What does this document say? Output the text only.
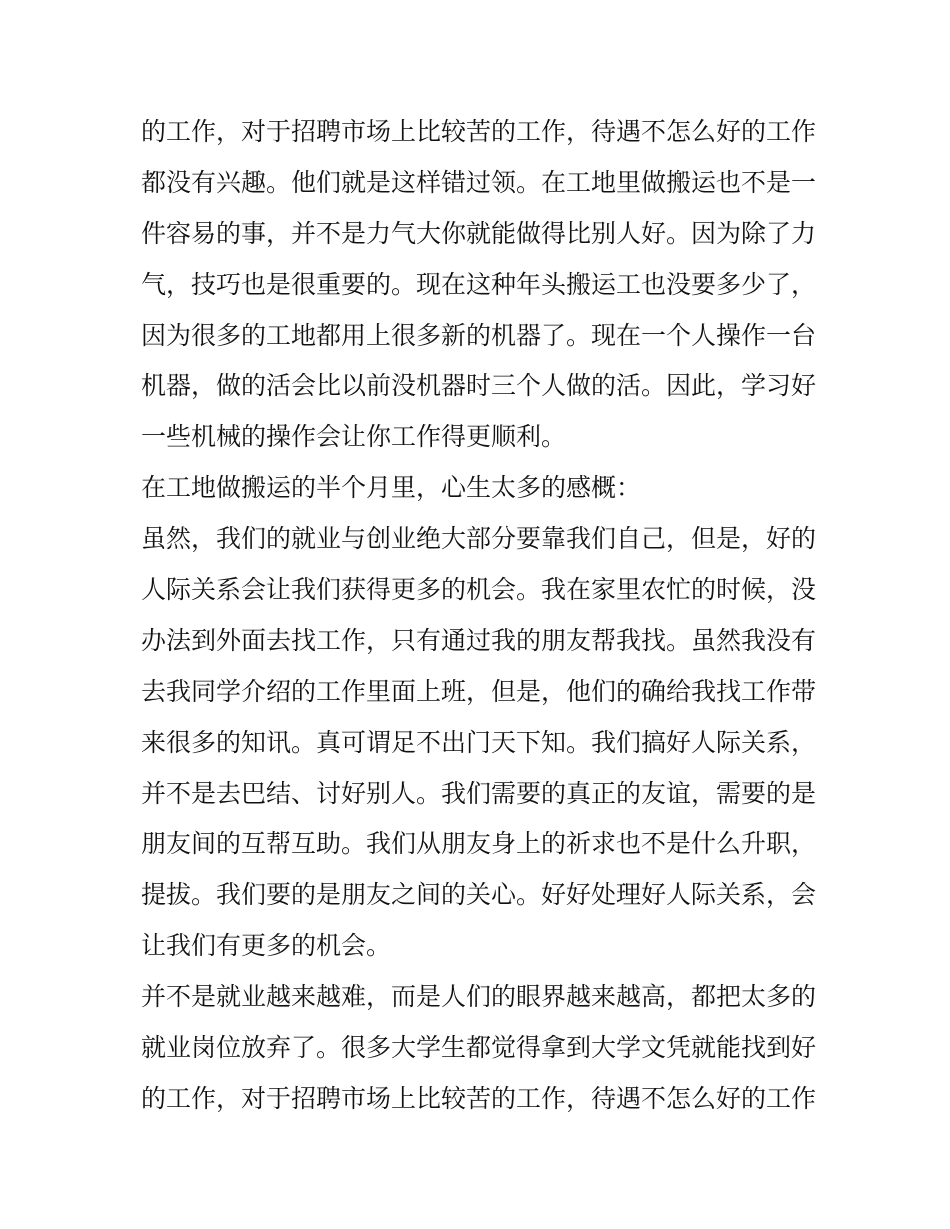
的工作，对于招聘市场上比较苦的工作，待遇不怎么好的工作
都没有兴趣。他们就是这样错过领。在工地里做搬运也不是一
件容易的事，并不是力气大你就能做得比别人好。因为除了力
气，技巧也是很重要的。现在这种年头搬运工也没要多少了，
因为很多的工地都用上很多新的机器了。现在一个人操作一台
机器，做的活会比以前没机器时三个人做的活。因此，学习好
一些机械的操作会让你工作得更顺利。
在工地做搬运的半个月里，心生太多的感概：
虽然，我们的就业与创业绝大部分要靠我们自己，但是，好的
人际关系会让我们获得更多的机会。我在家里农忙的时候，没
办法到外面去找工作，只有通过我的朋友帮我找。虽然我没有
去我同学介绍的工作里面上班，但是，他们的确给我找工作带
来很多的知讯。真可谓足不出门天下知。我们搞好人际关系，
并不是去巴结、讨好别人。我们需要的真正的友谊，需要的是
朋友间的互帮互助。我们从朋友身上的祈求也不是什么升职，
提拔。我们要的是朋友之间的关心。好好处理好人际关系，会
让我们有更多的机会。
并不是就业越来越难，而是人们的眼界越来越高，都把太多的
就业岗位放弃了。很多大学生都觉得拿到大学文凭就能找到好
的工作，对于招聘市场上比较苦的工作，待遇不怎么好的工作
